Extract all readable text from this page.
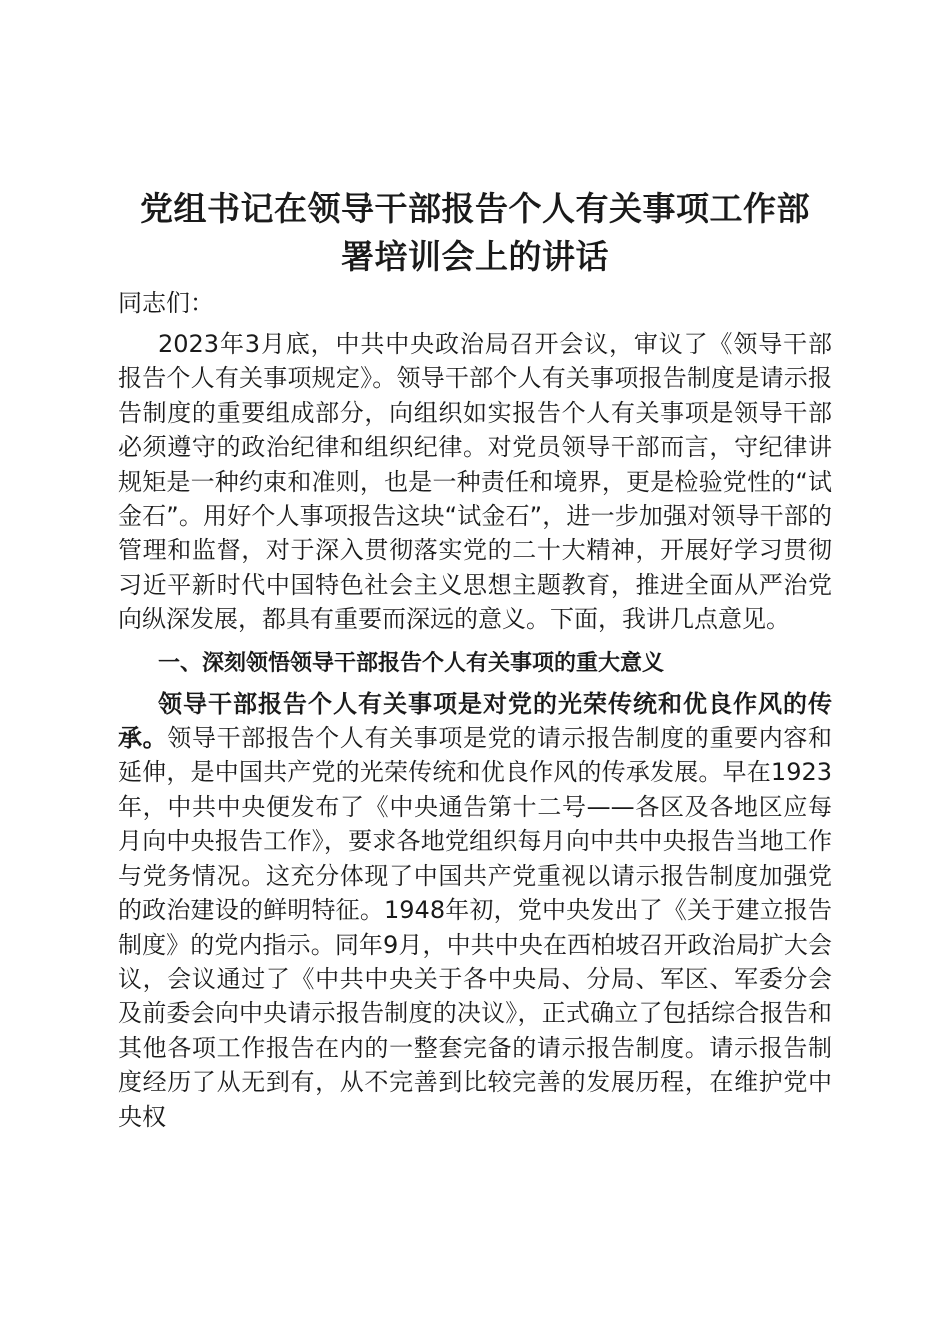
党组书记在领导干部报告个人有关事项工作部
署培训会上的讲话

同志们：

2023年3月底，中共中央政治局召开会议，审议了《领导干部报告个人有关事项规定》。领导干部个人有关事项报告制度是请示报告制度的重要组成部分，向组织如实报告个人有关事项是领导干部必须遵守的政治纪律和组织纪律。对党员领导干部而言，守纪律讲规矩是一种约束和准则，也是一种责任和境界，更是检验党性的“试金石”。用好个人事项报告这块“试金石”，进一步加强对领导干部的管理和监督，对于深入贯彻落实党的二十大精神，开展好学习贯彻习近平新时代中国特色社会主义思想主题教育，推进全面从严治党向纵深发展，都具有重要而深远的意义。下面，我讲几点意见。

一、深刻领悟领导干部报告个人有关事项的重大意义

领导干部报告个人有关事项是对党的光荣传统和优良作风的传承。领导干部报告个人有关事项是党的请示报告制度的重要内容和延伸，是中国共产党的光荣传统和优良作风的传承发展。早在1923年，中共中央便发布了《中央通告第十二号——各区及各地区应每月向中央报告工作》，要求各地党组织每月向中共中央报告当地工作与党务情况。这充分体现了中国共产党重视以请示报告制度加强党的政治建设的鲜明特征。1948年初，党中央发出了《关于建立报告制度》的党内指示。同年9月，中共中央在西柏坡召开政治局扩大会议，会议通过了《中共中央关于各中央局、分局、军区、军委分会及前委会向中央请示报告制度的决议》，正式确立了包括综合报告和其他各项工作报告在内的一整套完备的请示报告制度。请示报告制度经历了从无到有，从不完善到比较完善的发展历程，在维护党中央权
